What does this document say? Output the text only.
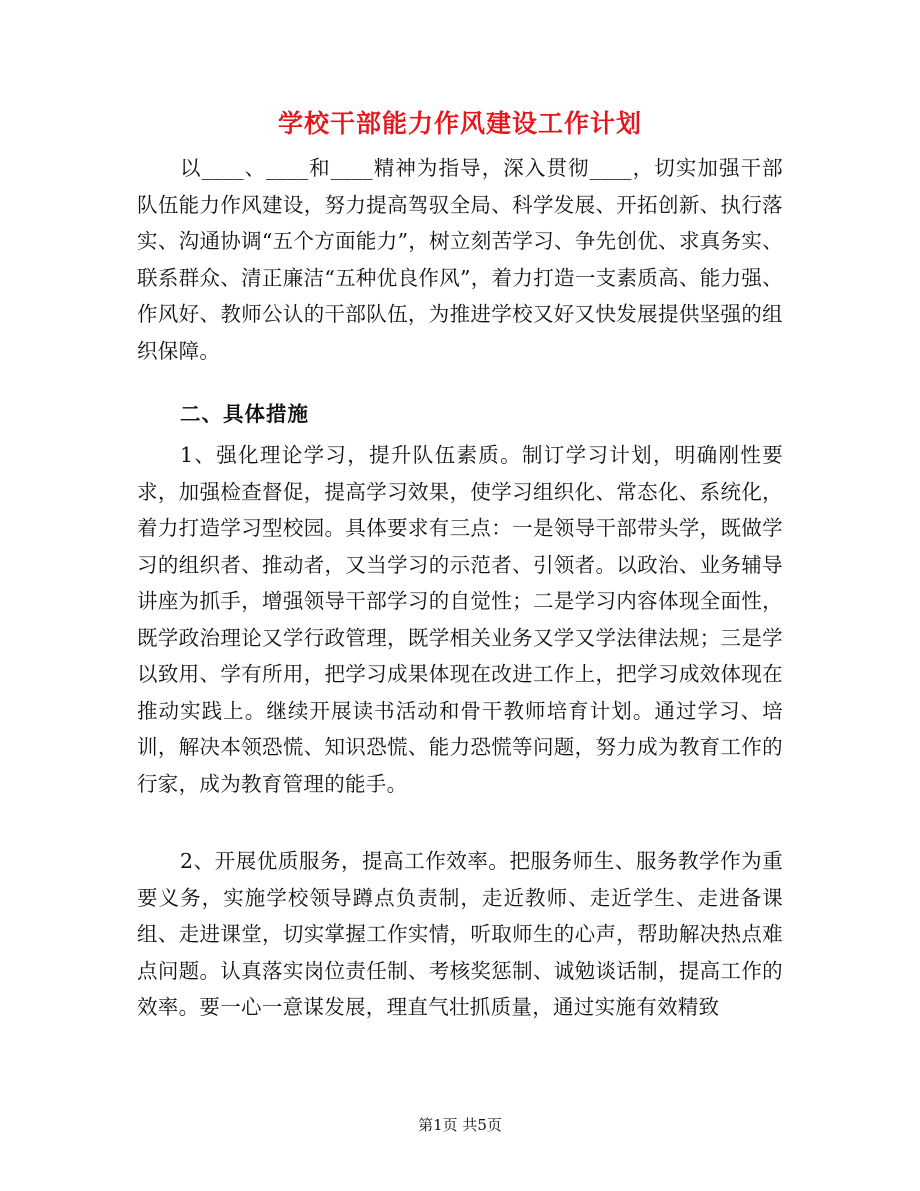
学校干部能力作风建设工作计划

以____、____和____精神为指导，深入贯彻____，切实加强干部队伍能力作风建设，努力提高驾驭全局、科学发展、开拓创新、执行落实、沟通协调“五个方面能力”，树立刻苦学习、争先创优、求真务实、联系群众、清正廉洁“五种优良作风”，着力打造一支素质高、能力强、作风好、教师公认的干部队伍，为推进学校又好又快发展提供坚强的组织保障。

二、具体措施

1、强化理论学习，提升队伍素质。制订学习计划，明确刚性要求，加强检查督促，提高学习效果，使学习组织化、常态化、系统化，着力打造学习型校园。具体要求有三点：一是领导干部带头学，既做学习的组织者、推动者，又当学习的示范者、引领者。以政治、业务辅导讲座为抓手，增强领导干部学习的自觉性；二是学习内容体现全面性，既学政治理论又学行政管理，既学相关业务又学又学法律法规；三是学以致用、学有所用，把学习成果体现在改进工作上，把学习成效体现在推动实践上。继续开展读书活动和骨干教师培育计划。通过学习、培训，解决本领恐慌、知识恐慌、能力恐慌等问题，努力成为教育工作的行家，成为教育管理的能手。

2、开展优质服务，提高工作效率。把服务师生、服务教学作为重要义务，实施学校领导蹲点负责制，走近教师、走近学生、走进备课组、走进课堂，切实掌握工作实情，听取师生的心声，帮助解决热点难点问题。认真落实岗位责任制、考核奖惩制、诚勉谈话制，提高工作的效率。要一心一意谋发展，理直气壮抓质量，通过实施有效精致

第1页 共5页
